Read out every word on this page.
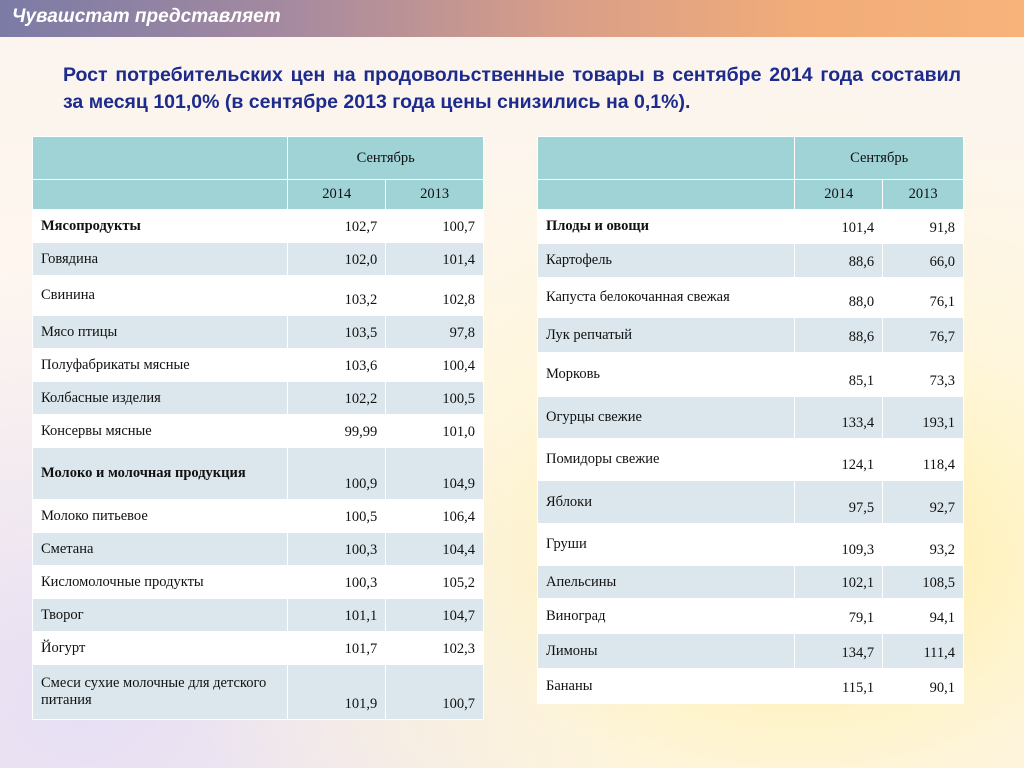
Чувашстат представляет
Рост потребительских цен на продовольственные товары в сентябре 2014 года составил за месяц 101,0% (в сентябре 2013 года цены снизились на 0,1%).
	Сентябрь	
	2014	2013
Мясопродукты	102,7	100,7
Говядина	102,0	101,4
Свинина	103,2	102,8
Мясо птицы	103,5	97,8
Полуфабрикаты мясные	103,6	100,4
Колбасные изделия	102,2	100,5
Консервы мясные	99,99	101,0
Молоко и молочная продукция	100,9	104,9
Молоко питьевое	100,5	106,4
Сметана	100,3	104,4
Кисломолочные продукты	100,3	105,2
Творог	101,1	104,7
Йогурт	101,7	102,3
Смеси сухие молочные для детского питания	101,9	100,7
	Сентябрь	
	2014	2013
Плоды и овощи	101,4	91,8
Картофель	88,6	66,0
Капуста белокочанная свежая	88,0	76,1
Лук репчатый	88,6	76,7
Морковь	85,1	73,3
Огурцы свежие	133,4	193,1
Помидоры свежие	124,1	118,4
Яблоки	97,5	92,7
Груши	109,3	93,2
Апельсины	102,1	108,5
Виноград	79,1	94,1
Лимоны	134,7	111,4
Бананы	115,1	90,1
